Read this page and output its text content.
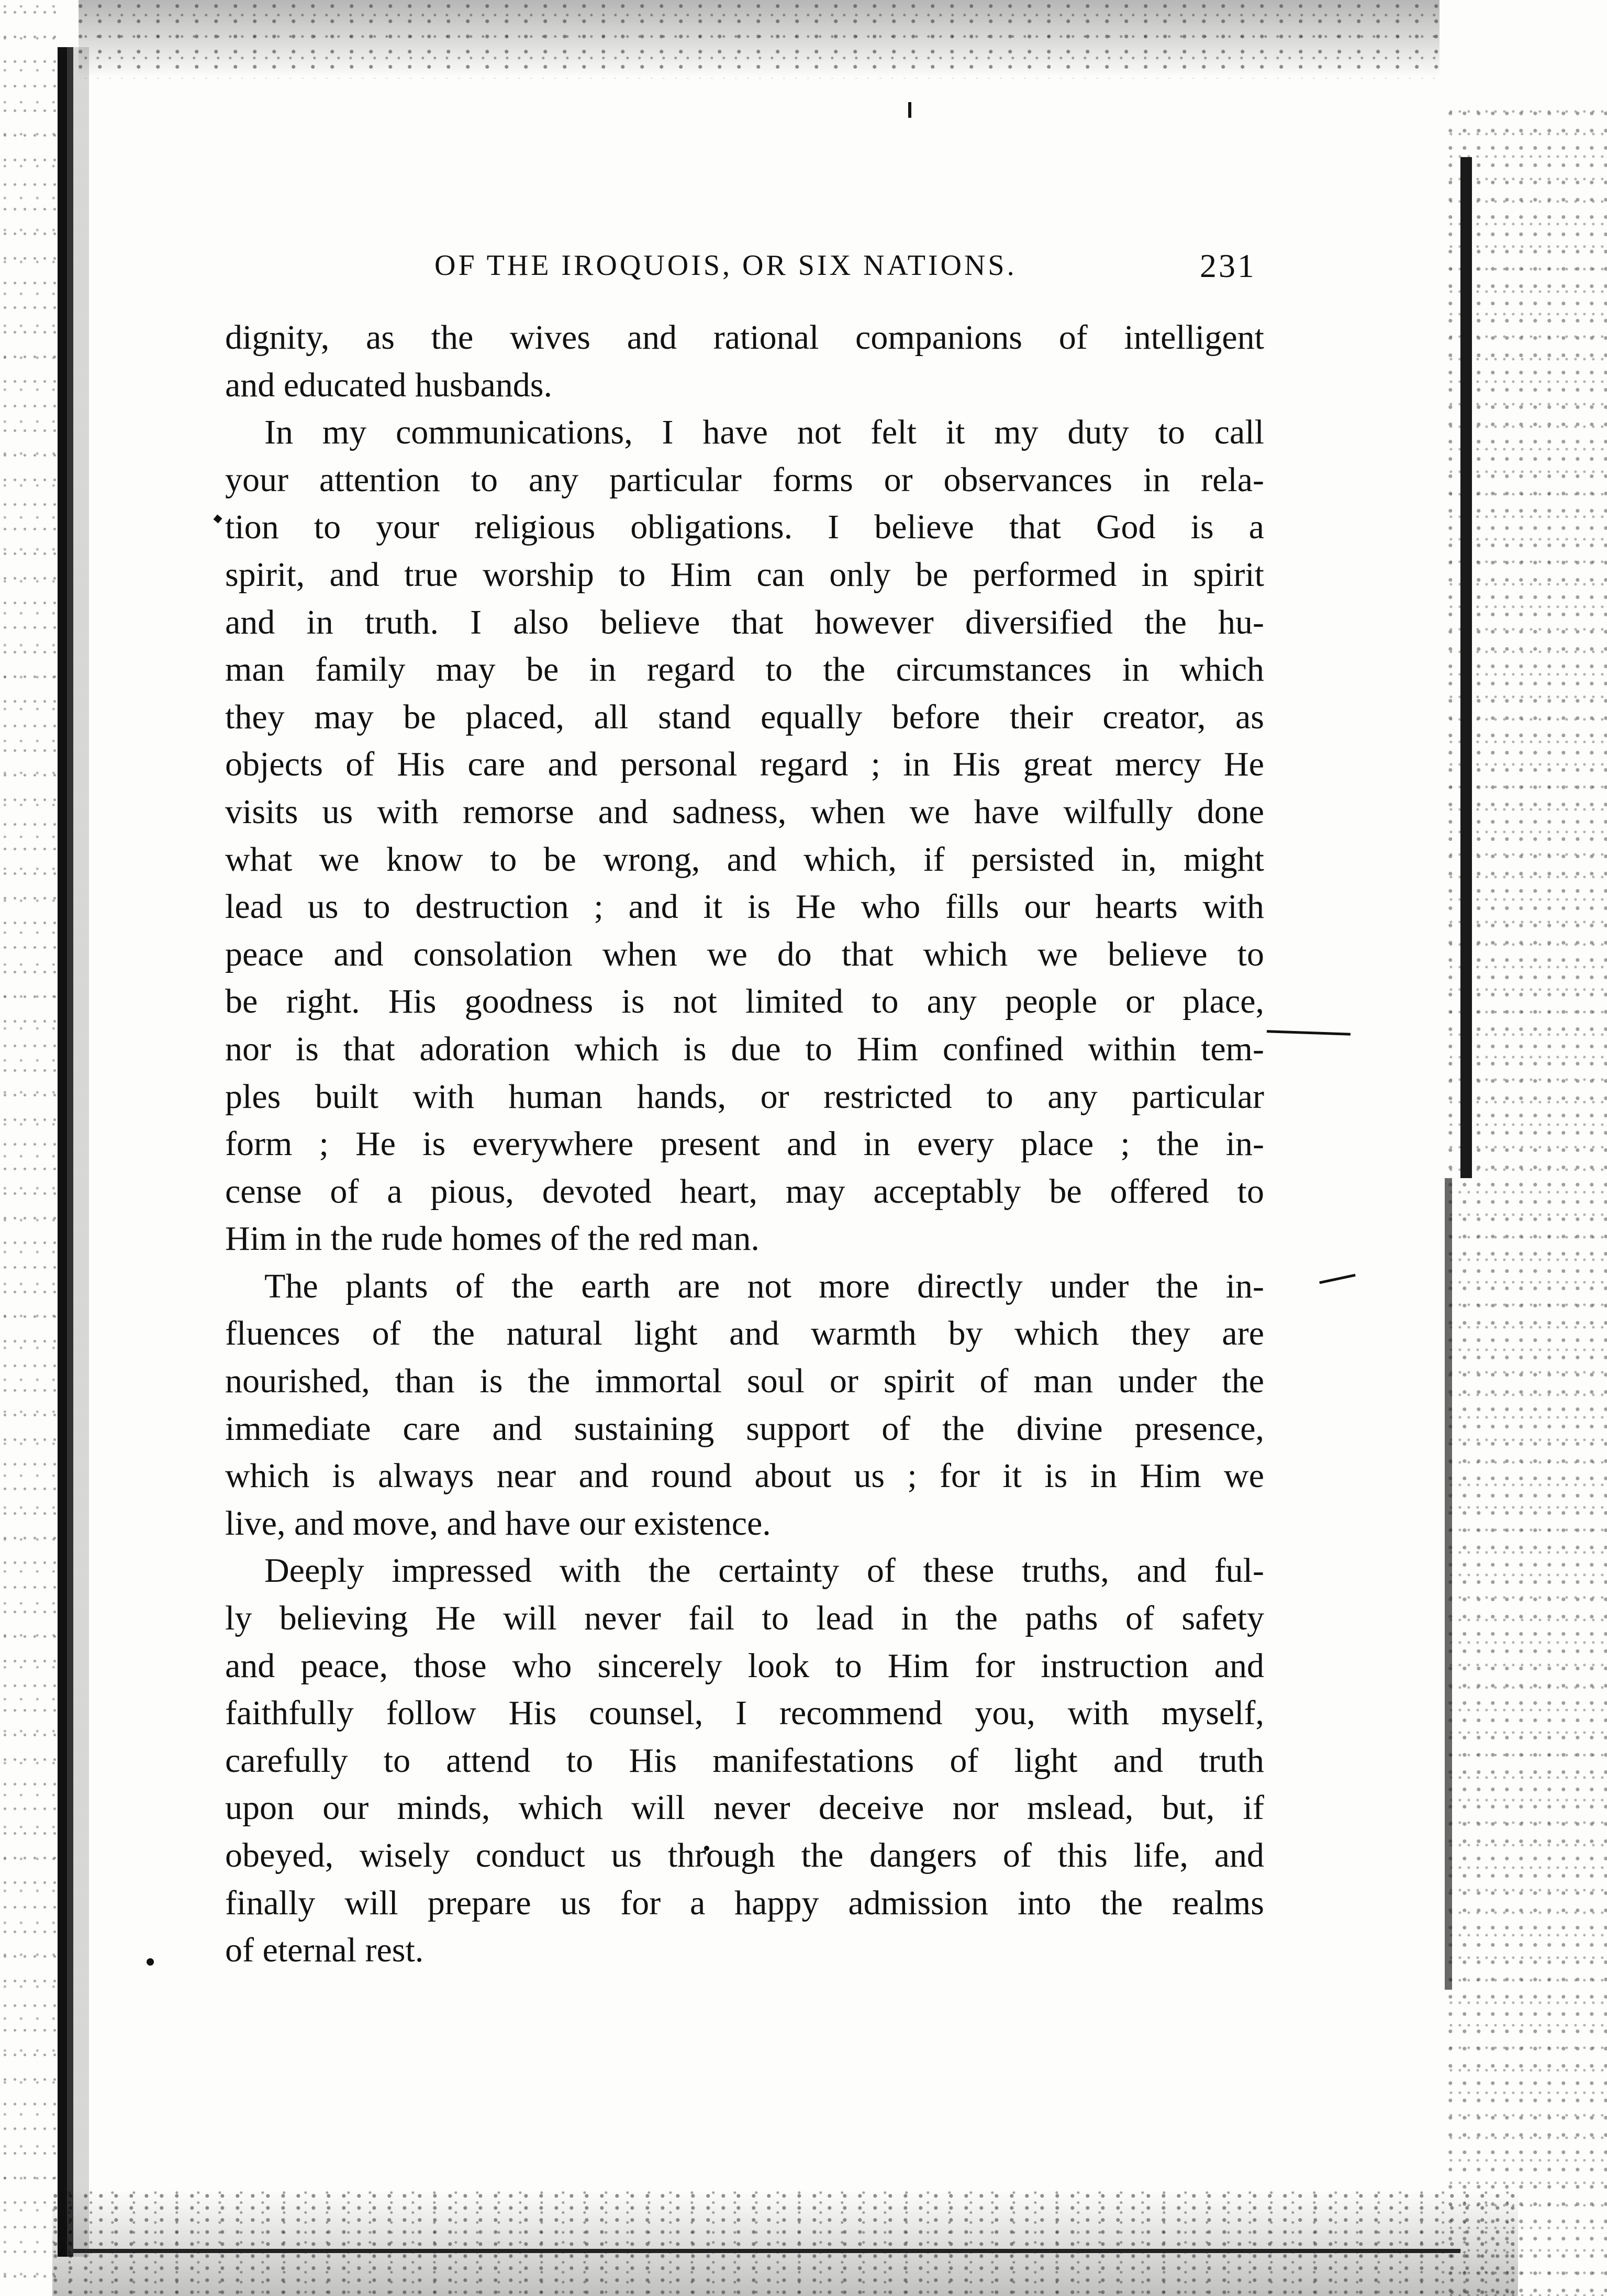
OF THE IROQUOIS, OR SIX NATIONS.	231
dignity, as the wives and rational companions of intelligent
and educated husbands.
In my communications, I have not felt it my duty to call
your attention to any particular forms or observances in rela-
tion to your religious obligations. I believe that God is a
spirit, and true worship to Him can only be performed in spirit
and in truth. I also believe that however diversified the hu-
man family may be in regard to the circumstances in which
they may be placed, all stand equally before their creator, as
objects of His care and personal regard ; in His great mercy He
visits us with remorse and sadness, when we have wilfully done
what we know to be wrong, and which, if persisted in, might
lead us to destruction ; and it is He who fills our hearts with
peace and consolation when we do that which we believe to
be right. His goodness is not limited to any people or place,
nor is that adoration which is due to Him confined within tem-
ples built with human hands, or restricted to any particular
form ; He is everywhere present and in every place ; the in-
cense of a pious, devoted heart, may acceptably be offered to
Him in the rude homes of the red man.
The plants of the earth are not more directly under the in-
fluences of the natural light and warmth by which they are
nourished, than is the immortal soul or spirit of man under the
immediate care and sustaining support of the divine presence,
which is always near and round about us ; for it is in Him we
live, and move, and have our existence.
Deeply impressed with the certainty of these truths, and ful-
ly believing He will never fail to lead in the paths of safety
and peace, those who sincerely look to Him for instruction and
faithfully follow His counsel, I recommend you, with myself,
carefully to attend to His manifestations of light and truth
upon our minds, which will never deceive nor mslead, but, if
obeyed, wisely conduct us through the dangers of this life, and
finally will prepare us for a happy admission into the realms
of eternal rest.
